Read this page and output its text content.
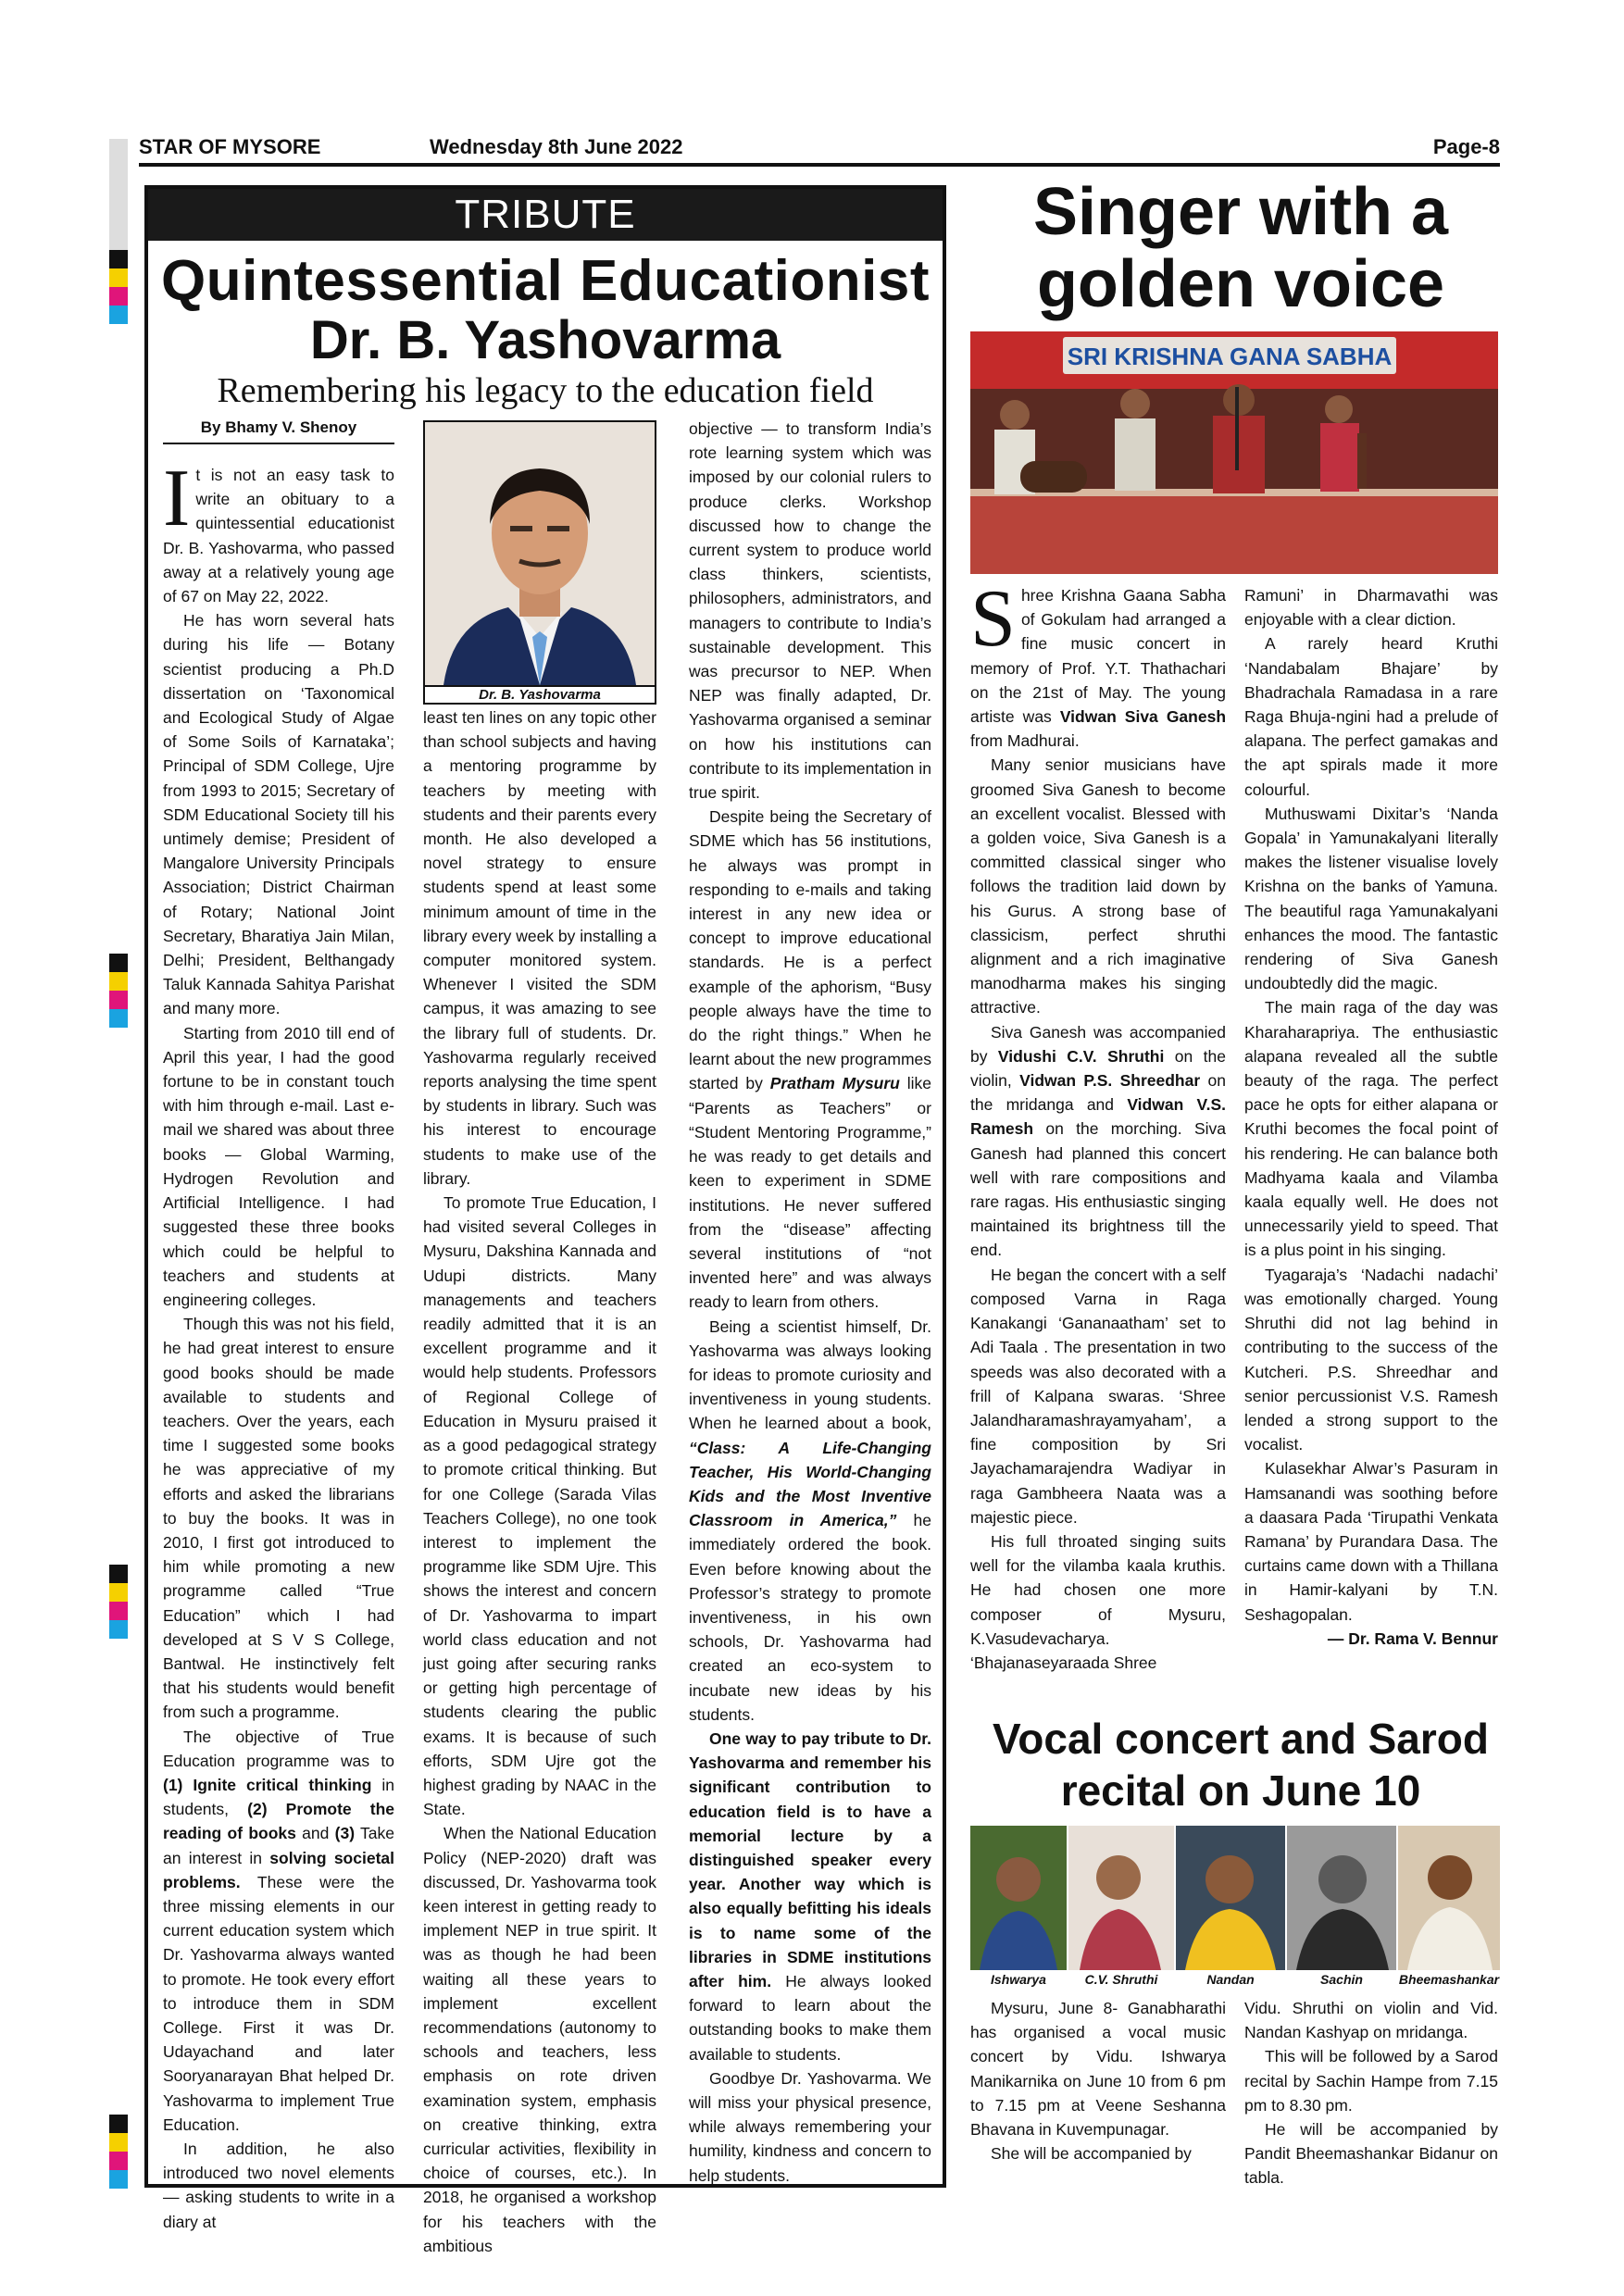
STAR OF MYSORE	Wednesday 8th June 2022	Page-8
TRIBUTE
Quintessential Educationist
Dr. B. Yashovarma
Remembering his legacy to the education field
By Bhamy V. Shenoy

It is not an easy task to write an obituary to a quintessential educationist Dr. B. Yashovarma, who passed away at a relatively young age of 67 on May 22, 2022.

He has worn several hats during his life — Botany scientist producing a Ph.D dissertation on ‘Taxonomical and Ecological Study of Algae of Some Soils of Karnataka’; Principal of SDM College, Ujre from 1993 to 2015; Secretary of SDM Educational Society till his untimely demise; President of Mangalore University Principals Association; District Chairman of Rotary; National Joint Secretary, Bharatiya Jain Milan, Delhi; President, Belthangady Taluk Kannada Sahitya Parishat and many more.

Starting from 2010 till end of April this year, I had the good fortune to be in constant touch with him through e-mail. Last e-mail we shared was about three books — Global Warming, Hydrogen Revolution and Artificial Intelligence. I had suggested these three books which could be helpful to teachers and students at engineering colleges.

Though this was not his field, he had great interest to ensure good books should be made available to students and teachers. Over the years, each time I suggested some books he was appreciative of my efforts and asked the librarians to buy the books. It was in 2010, I first got introduced to him while promoting a new programme called “True Education” which I had developed at S V S College, Bantwal. He instinctively felt that his students would benefit from such a programme.

The objective of True Education programme was to (1) Ignite critical thinking in students, (2) Promote the reading of books and (3) Take an interest in solving societal problems. These were the three missing elements in our current education system which Dr. Yashovarma always wanted to promote. He took every effort to introduce them in SDM College. First it was Dr. Udayachand and later Sooryanarayan Bhat helped Dr. Yashovarma to implement True Education.

In addition, he also introduced two novel elements — asking students to write in a diary at

Dr. B. Yashovarma

least ten lines on any topic other than school subjects and having a mentoring programme by teachers by meeting with students and their parents every month. He also developed a novel strategy to ensure students spend at least some minimum amount of time in the library every week by installing a computer monitored system. Whenever I visited the SDM campus, it was amazing to see the library full of students. Dr. Yashovarma regularly received reports analysing the time spent by students in library. Such was his interest to encourage students to make use of the library.

To promote True Education, I had visited several Colleges in Mysuru, Dakshina Kannada and Udupi districts. Many managements and teachers readily admitted that it is an excellent programme and it would help students. Professors of Regional College of Education in Mysuru praised it as a good pedagogical strategy to promote critical thinking. But for one College (Sarada Vilas Teachers College), no one took interest to implement the programme like SDM Ujre. This shows the interest and concern of Dr. Yashovarma to impart world class education and not just going after securing ranks or getting high percentage of students clearing the public exams. It is because of such efforts, SDM Ujre got the highest grading by NAAC in the State.

When the National Education Policy (NEP-2020) draft was discussed, Dr. Yashovarma took keen interest in getting ready to implement NEP in true spirit. It was as though he had been waiting all these years to implement excellent recommendations (autonomy to schools and teachers, less emphasis on rote driven examination system, emphasis on creative thinking, extra curricular activities, flexibility in choice of courses, etc.). In 2018, he organised a workshop for his teachers with the ambitious

objective — to transform India’s rote learning system which was imposed by our colonial rulers to produce clerks. Workshop discussed how to change the current system to produce world class thinkers, scientists, philosophers, administrators, and managers to contribute to India’s sustainable development. This was precursor to NEP. When NEP was finally adapted, Dr. Yashovarma organised a seminar on how his institutions can contribute to its implementation in true spirit.

Despite being the Secretary of SDME which has 56 institutions, he always was prompt in responding to e-mails and taking interest in any new idea or concept to improve educational standards. He is a perfect example of the aphorism, “Busy people always have the time to do the right things.” When he learnt about the new programmes started by Pratham Mysuru like “Parents as Teachers” or “Student Mentoring Programme,” he was ready to get details and keen to experiment in SDME institutions. He never suffered from the “disease” affecting several institutions of “not invented here” and was always ready to learn from others.

Being a scientist himself, Dr. Yashovarma was always looking for ideas to promote curiosity and inventiveness in young students. When he learned about a book, “Class: A Life-Changing Teacher, His World-Changing Kids and the Most Inventive Classroom in America,” he immediately ordered the book. Even before knowing about the Professor’s strategy to promote inventiveness, in his own schools, Dr. Yashovarma had created an eco-system to incubate new ideas by his students.

One way to pay tribute to Dr. Yashovarma and remember his significant contribution to education field is to have a memorial lecture by a distinguished speaker every year. Another way which is also equally befitting his ideals is to name some of the libraries in SDME institutions after him. He always looked forward to learn about the outstanding books to make them available to students.

Goodbye Dr. Yashovarma. We will miss your physical presence, while always remembering your humility, kindness and concern to help students.

Singer with a
golden voice
SRI KRISHNA GANA SABHA

Shree Krishna Gaana Sabha of Gokulam had arranged a fine music concert in memory of Prof. Y.T. Thathachari on the 21st of May. The young artiste was Vidwan Siva Ganesh from Madhurai.

Many senior musicians have groomed Siva Ganesh to become an excellent vocalist. Blessed with a golden voice, Siva Ganesh is a committed classical singer who follows the tradition laid down by his Gurus. A strong base of classicism, perfect shruthi alignment and a rich imaginative manodharma makes his singing attractive.

Siva Ganesh was accompanied by Vidushi C.V. Shruthi on the violin, Vidwan P.S. Shreedhar on the mridanga and Vidwan V.S. Ramesh on the morching. Siva Ganesh had planned this concert well with rare compositions and rare ragas. His enthusiastic singing maintained its brightness till the end.

He began the concert with a self composed Varna in Raga Kanakangi ‘Gananaatham’ set to Adi Taala . The presentation in two speeds was also decorated with a frill of Kalpana swaras. ‘Shree Jalandharamashrayamyaham’, a fine composition by Sri Jayachamarajendra Wadiyar in raga Gambheera Naata was a majestic piece.

His full throated singing suits well for the vilamba kaala kruthis. He had chosen one more composer of Mysuru, K.Vasudevacharya. ‘Bhajanaseyaraada Shree

Ramuni’ in Dharmavathi was enjoyable with a clear diction.

A rarely heard Kruthi ‘Nandabalam Bhajare’ by Bhadrachala Ramadasa in a rare Raga Bhuja-ngini had a prelude of alapana. The perfect gamakas and the apt spirals made it more colourful.

Muthuswami Dixitar’s ‘Nanda Gopala’ in Yamunakalyani literally makes the listener visualise lovely Krishna on the banks of Yamuna. The beautiful raga Yamunakalyani enhances the mood. The fantastic rendering of Siva Ganesh undoubtedly did the magic.

The main raga of the day was Kharaharapriya. The enthusiastic alapana revealed all the subtle beauty of the raga. The perfect pace he opts for either alapana or Kruthi becomes the focal point of his rendering. He can balance both Madhyama kaala and Vilamba kaala equally well. He does not unnecessarily yield to speed. That is a plus point in his singing.

Tyagaraja’s ‘Nadachi nadachi’ was emotionally charged. Young Shruthi did not lag behind in contributing to the success of the Kutcheri. P.S. Shreedhar and senior percussionist V.S. Ramesh lended a strong support to the vocalist.

Kulasekhar Alwar’s Pasuram in Hamsanandi was soothing before a daasara Pada ‘Tirupathi Venkata Ramana’ by Purandara Dasa. The curtains came down with a Thillana in Hamir-kalyani by T.N. Seshagopalan.

— Dr. Rama V. Bennur

Vocal concert and Sarod
recital on June 10
Ishwarya	C.V. Shruthi	Nandan	Sachin	Bheemashankar

Mysuru, June 8- Ganabharathi has organised a vocal music concert by Vidu. Ishwarya Manikarnika on June 10 from 6 pm to 7.15 pm at Veene Seshanna Bhavana in Kuvempunagar.

She will be accompanied by

Vidu. Shruthi on violin and Vid. Nandan Kashyap on mridanga.

This will be followed by a Sarod recital by Sachin Hampe from 7.15 pm to 8.30 pm.

He will be accompanied by Pandit Bheemashankar Bidanur on tabla.
